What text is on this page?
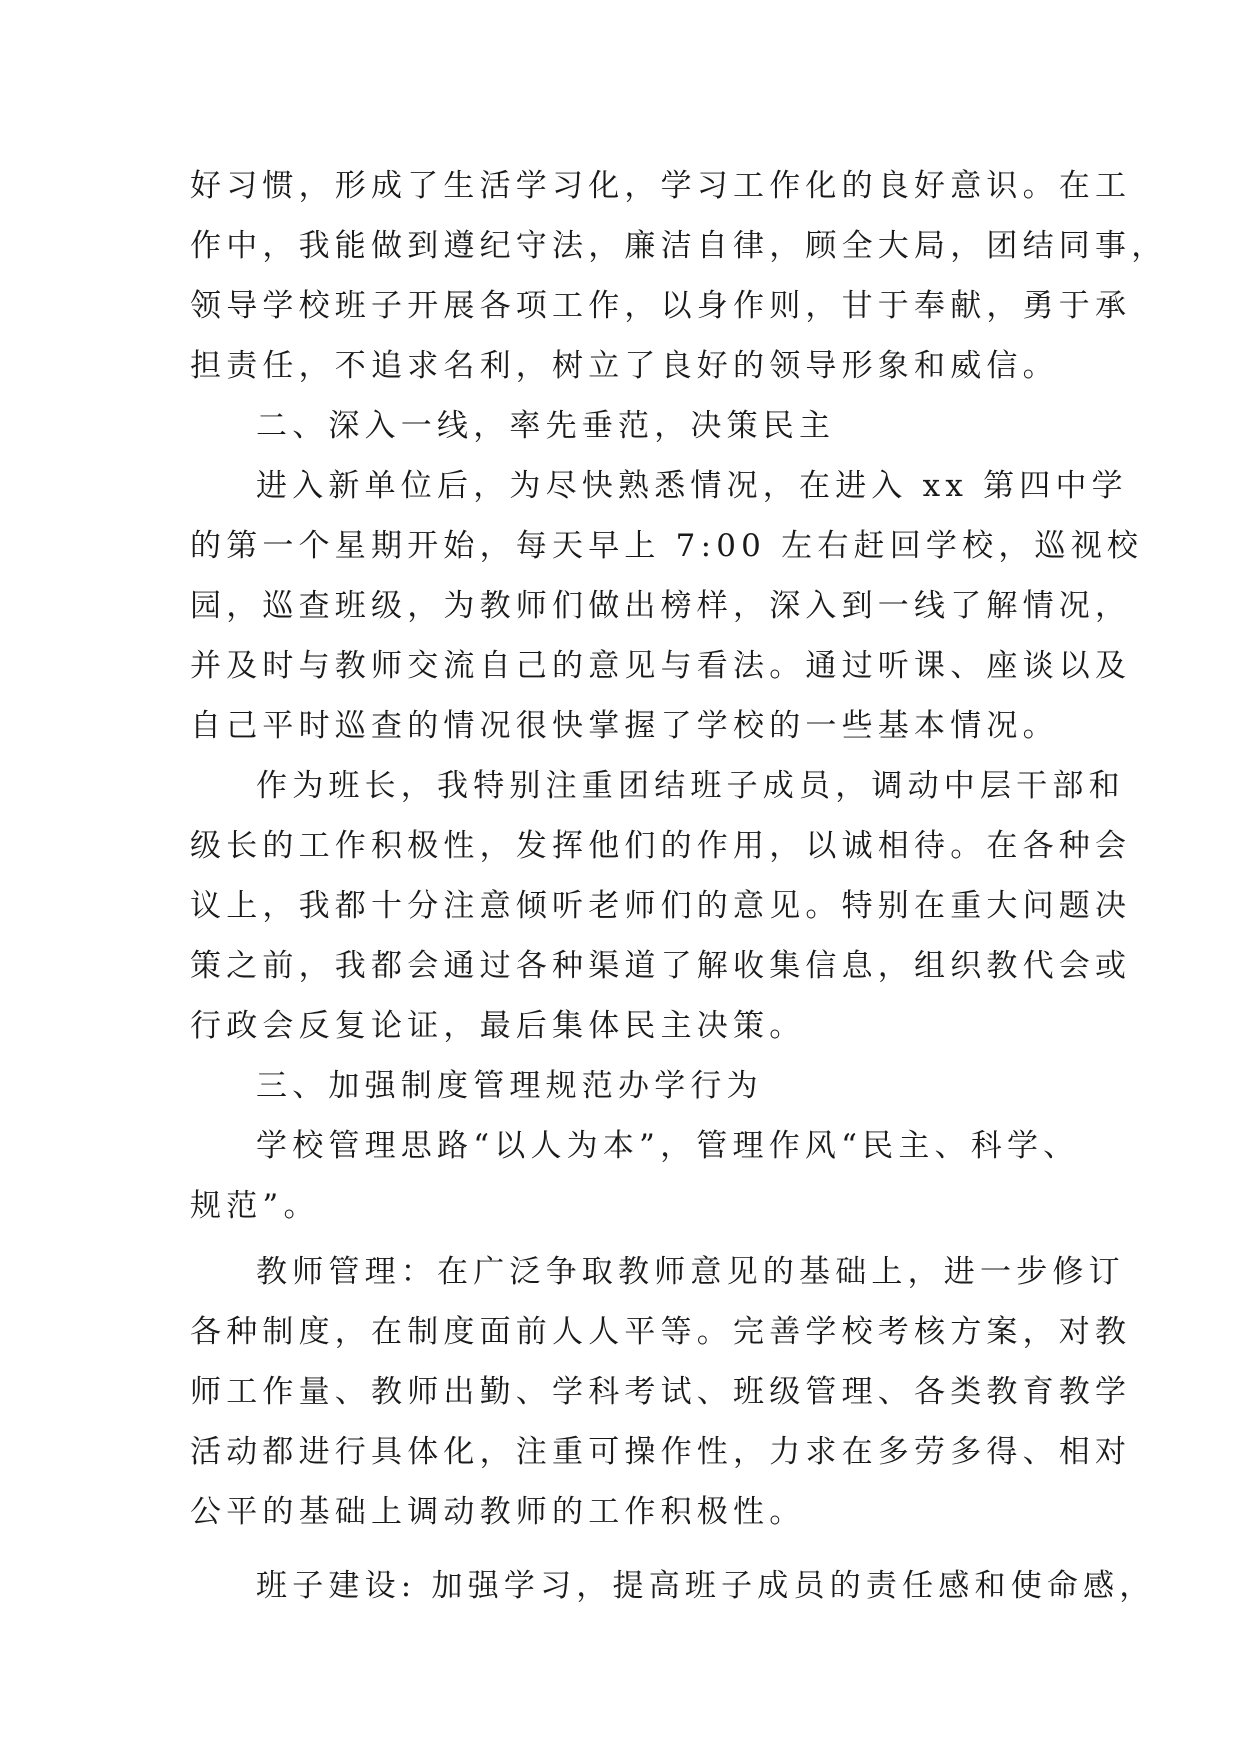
好习惯，形成了生活学习化，学习工作化的良好意识。在工

作中，我能做到遵纪守法，廉洁自律，顾全大局，团结同事，

领导学校班子开展各项工作，以身作则，甘于奉献，勇于承

担责任，不追求名利，树立了良好的领导形象和威信。

二、深入一线，率先垂范，决策民主

进入新单位后，为尽快熟悉情况，在进入 xx 第四中学

的第一个星期开始，每天早上 7:00 左右赶回学校，巡视校

园，巡查班级，为教师们做出榜样，深入到一线了解情况，

并及时与教师交流自己的意见与看法。通过听课、座谈以及

自己平时巡查的情况很快掌握了学校的一些基本情况。

作为班长，我特别注重团结班子成员，调动中层干部和

级长的工作积极性，发挥他们的作用，以诚相待。在各种会

议上，我都十分注意倾听老师们的意见。特别在重大问题决

策之前，我都会通过各种渠道了解收集信息，组织教代会或

行政会反复论证，最后集体民主决策。

三、加强制度管理规范办学行为

学校管理思路“以人为本”，管理作风“民主、科学、

规范”。

教师管理：在广泛争取教师意见的基础上，进一步修订

各种制度，在制度面前人人平等。完善学校考核方案，对教

师工作量、教师出勤、学科考试、班级管理、各类教育教学

活动都进行具体化，注重可操作性，力求在多劳多得、相对

公平的基础上调动教师的工作积极性。

班子建设: 加强学习，提高班子成员的责任感和使命感，
